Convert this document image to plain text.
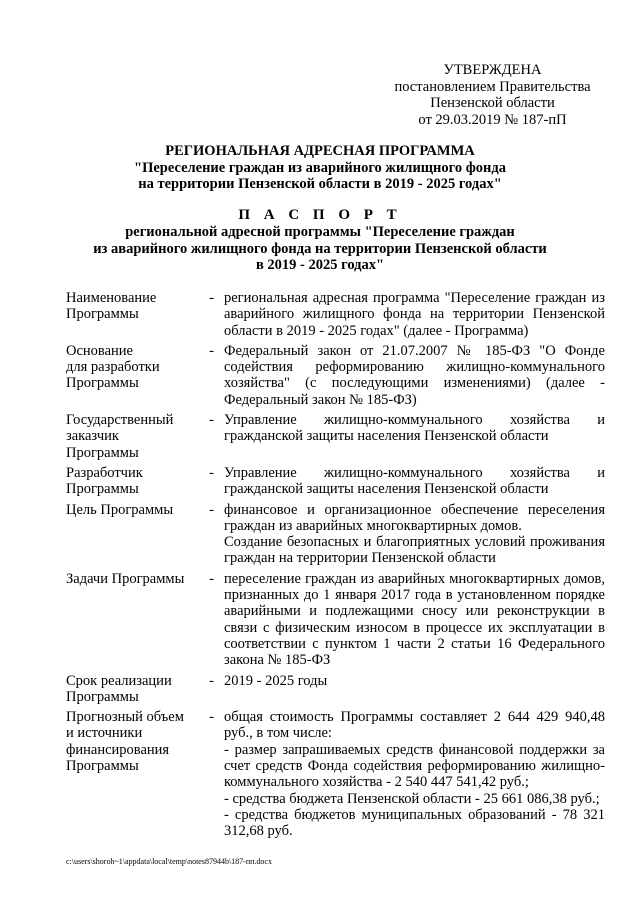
УТВЕРЖДЕНА
постановлением Правительства
Пензенской области
от 29.03.2019 № 187-пП
РЕГИОНАЛЬНАЯ АДРЕСНАЯ ПРОГРАММА
"Переселение граждан из аварийного жилищного фонда
на территории Пензенской области в 2019 - 2025 годах"
П А С П О Р Т
региональной адресной программы "Переселение граждан
из аварийного жилищного фонда на территории Пензенской области
в 2019 - 2025 годах"
Наименование
Программы
- региональная адресная программа "Переселение граждан из аварийного жилищного фонда на территории Пензенской области в 2019 - 2025 годах" (далее - Программа)

Основание
для разработки
Программы
- Федеральный закон от 21.07.2007 № 185-ФЗ "О Фонде содействия реформированию жилищно-коммунального хозяйства" (с последующими изменениями) (далее - Федеральный закон № 185-ФЗ)

Государственный
заказчик
Программы
- Управление жилищно-коммунального хозяйства и гражданской защиты населения Пензенской области

Разработчик
Программы
- Управление жилищно-коммунального хозяйства и гражданской защиты населения Пензенской области

Цель Программы	- финансовое и организационное обеспечение переселения граждан из аварийных многоквартирных домов.

Создание безопасных и благоприятных условий проживания граждан на территории Пензенской области

Задачи Программы	- переселение граждан из аварийных многоквартирных домов, признанных до 1 января 2017 года в установленном порядке аварийными и подлежащими сносу или реконструкции в связи с физическим износом в процессе их эксплуатации в соответствии с пунктом 1 части 2 статьи 16 Федерального закона № 185-ФЗ

Срок реализации
Программы
- 2019 - 2025 годы

Прогнозный объем
и источники
финансирования
Программы
- общая стоимость Программы составляет 2 644 429 940,48 руб., в том числе:

- размер запрашиваемых средств финансовой поддержки за счет средств Фонда содействия реформированию жилищно-коммунального хозяйства - 2 540 447 541,42 руб.;

- средства бюджета Пензенской области - 25 661 086,38 руб.;

- средства бюджетов муниципальных образований - 78 321 312,68 руб.

c:\users\shoroh~1\appdata\local\temp\notes87944b\187-пп.docx
